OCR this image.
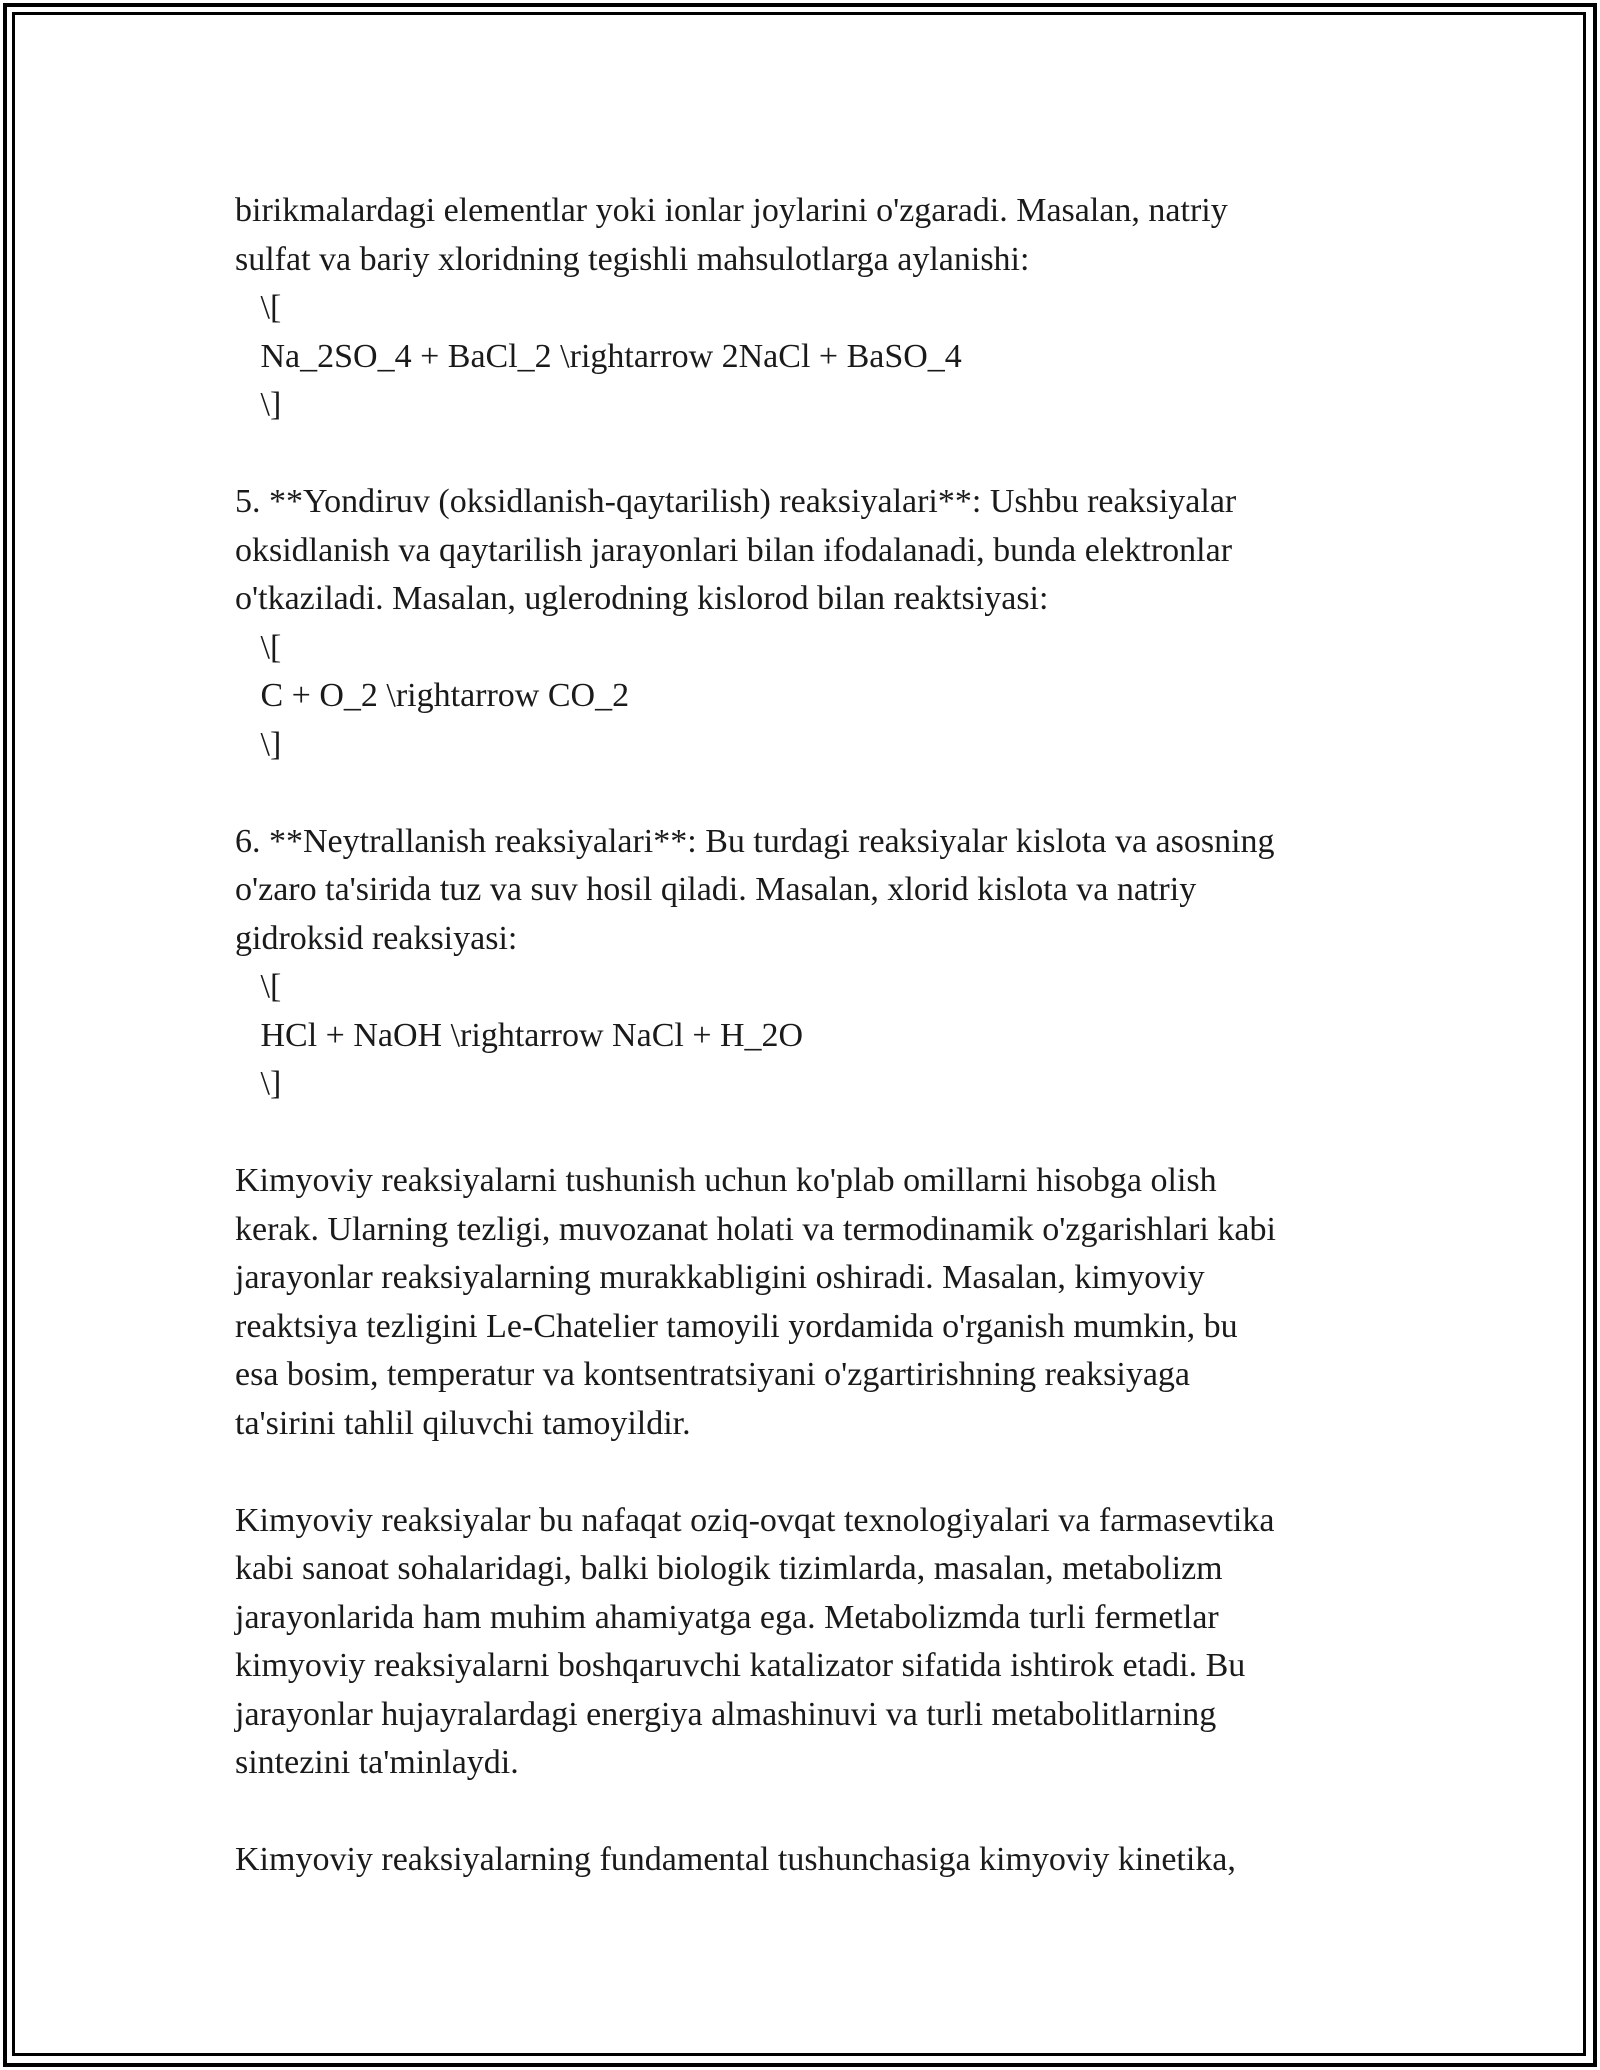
birikmalardagi elementlar yoki ionlar joylarini o'zgaradi. Masalan, natriy
sulfat va bariy xloridning tegishli mahsulotlarga aylanishi:
\[
Na_2SO_4 + BaCl_2 \rightarrow 2NaCl + BaSO_4
\]
5. **Yondiruv (oksidlanish-qaytarilish) reaksiyalari**: Ushbu reaksiyalar
oksidlanish va qaytarilish jarayonlari bilan ifodalanadi, bunda elektronlar
o'tkaziladi. Masalan, uglerodning kislorod bilan reaktsiyasi:
\[
C + O_2 \rightarrow CO_2
\]
6. **Neytrallanish reaksiyalari**: Bu turdagi reaksiyalar kislota va asosning
o'zaro ta'sirida tuz va suv hosil qiladi. Masalan, xlorid kislota va natriy
gidroksid reaksiyasi:
\[
HCl + NaOH \rightarrow NaCl + H_2O
\]
Kimyoviy reaksiyalarni tushunish uchun ko'plab omillarni hisobga olish
kerak. Ularning tezligi, muvozanat holati va termodinamik o'zgarishlari kabi
jarayonlar reaksiyalarning murakkabligini oshiradi. Masalan, kimyoviy
reaktsiya tezligini Le-Chatelier tamoyili yordamida o'rganish mumkin, bu
esa bosim, temperatur va kontsentratsiyani o'zgartirishning reaksiyaga
ta'sirini tahlil qiluvchi tamoyildir.
Kimyoviy reaksiyalar bu nafaqat oziq-ovqat texnologiyalari va farmasevtika
kabi sanoat sohalaridagi, balki biologik tizimlarda, masalan, metabolizm
jarayonlarida ham muhim ahamiyatga ega. Metabolizmda turli fermetlar
kimyoviy reaksiyalarni boshqaruvchi katalizator sifatida ishtirok etadi. Bu
jarayonlar hujayralardagi energiya almashinuvi va turli metabolitlarning
sintezini ta'minlaydi.
Kimyoviy reaksiyalarning fundamental tushunchasiga kimyoviy kinetika,
